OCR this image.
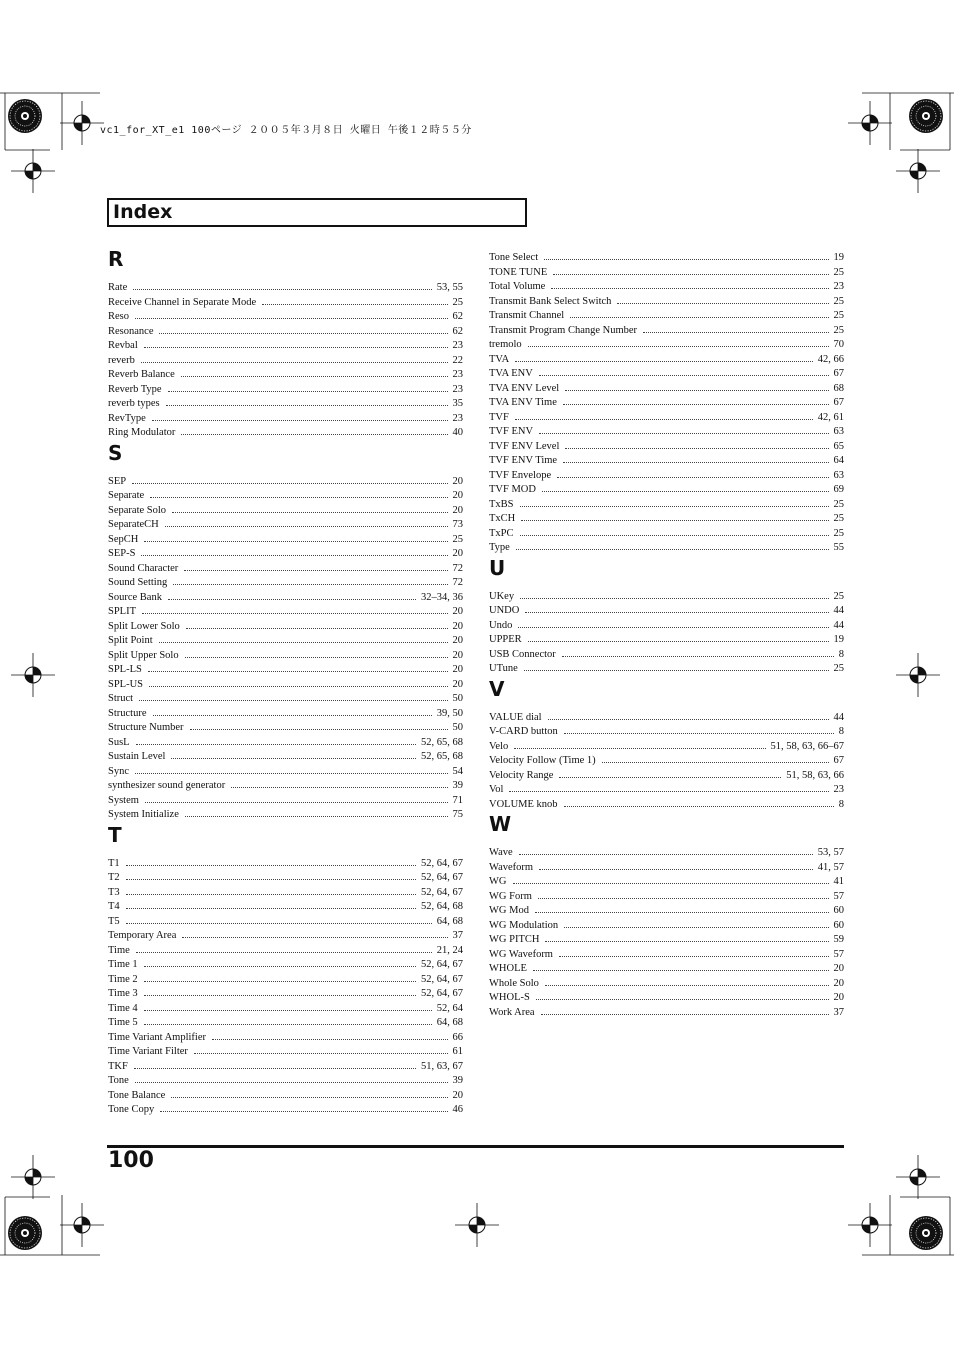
vc1_for_XT_e1 100ページ ２００５年３月８日 火曜日 午後１２時５５分
Index
R
Rate	53, 55
Receive Channel in Separate Mode	25
Reso	62
Resonance	62
Revbal	23
reverb	22
Reverb Balance	23
Reverb Type	23
reverb types	35
RevType	23
Ring Modulator	40
S
SEP	20
Separate	20
Separate Solo	20
SeparateCH	73
SepCH	25
SEP-S	20
Sound Character	72
Sound Setting	72
Source Bank	32–34, 36
SPLIT	20
Split Lower Solo	20
Split Point	20
Split Upper Solo	20
SPL-LS	20
SPL-US	20
Struct	50
Structure	39, 50
Structure Number	50
SusL	52, 65, 68
Sustain Level	52, 65, 68
Sync	54
synthesizer sound generator	39
System	71
System Initialize	75
T
T1	52, 64, 67
T2	52, 64, 67
T3	52, 64, 67
T4	52, 64, 68
T5	64, 68
Temporary Area	37
Time	21, 24
Time 1	52, 64, 67
Time 2	52, 64, 67
Time 3	52, 64, 67
Time 4	52, 64
Time 5	64, 68
Time Variant Amplifier	66
Time Variant Filter	61
TKF	51, 63, 67
Tone	39
Tone Balance	20
Tone Copy	46
Tone Select	19
TONE TUNE	25
Total Volume	23
Transmit Bank Select Switch	25
Transmit Channel	25
Transmit Program Change Number	25
tremolo	70
TVA	42, 66
TVA ENV	67
TVA ENV Level	68
TVA ENV Time	67
TVF	42, 61
TVF ENV	63
TVF ENV Level	65
TVF ENV Time	64
TVF Envelope	63
TVF MOD	69
TxBS	25
TxCH	25
TxPC	25
Type	55
U
UKey	25
UNDO	44
Undo	44
UPPER	19
USB Connector	8
UTune	25
V
VALUE dial	44
V-CARD button	8
Velo	51, 58, 63, 66–67
Velocity Follow (Time 1)	67
Velocity Range	51, 58, 63, 66
Vol	23
VOLUME knob	8
W
Wave	53, 57
Waveform	41, 57
WG	41
WG Form	57
WG Mod	60
WG Modulation	60
WG PITCH	59
WG Waveform	57
WHOLE	20
Whole Solo	20
WHOL-S	20
Work Area	37
100
